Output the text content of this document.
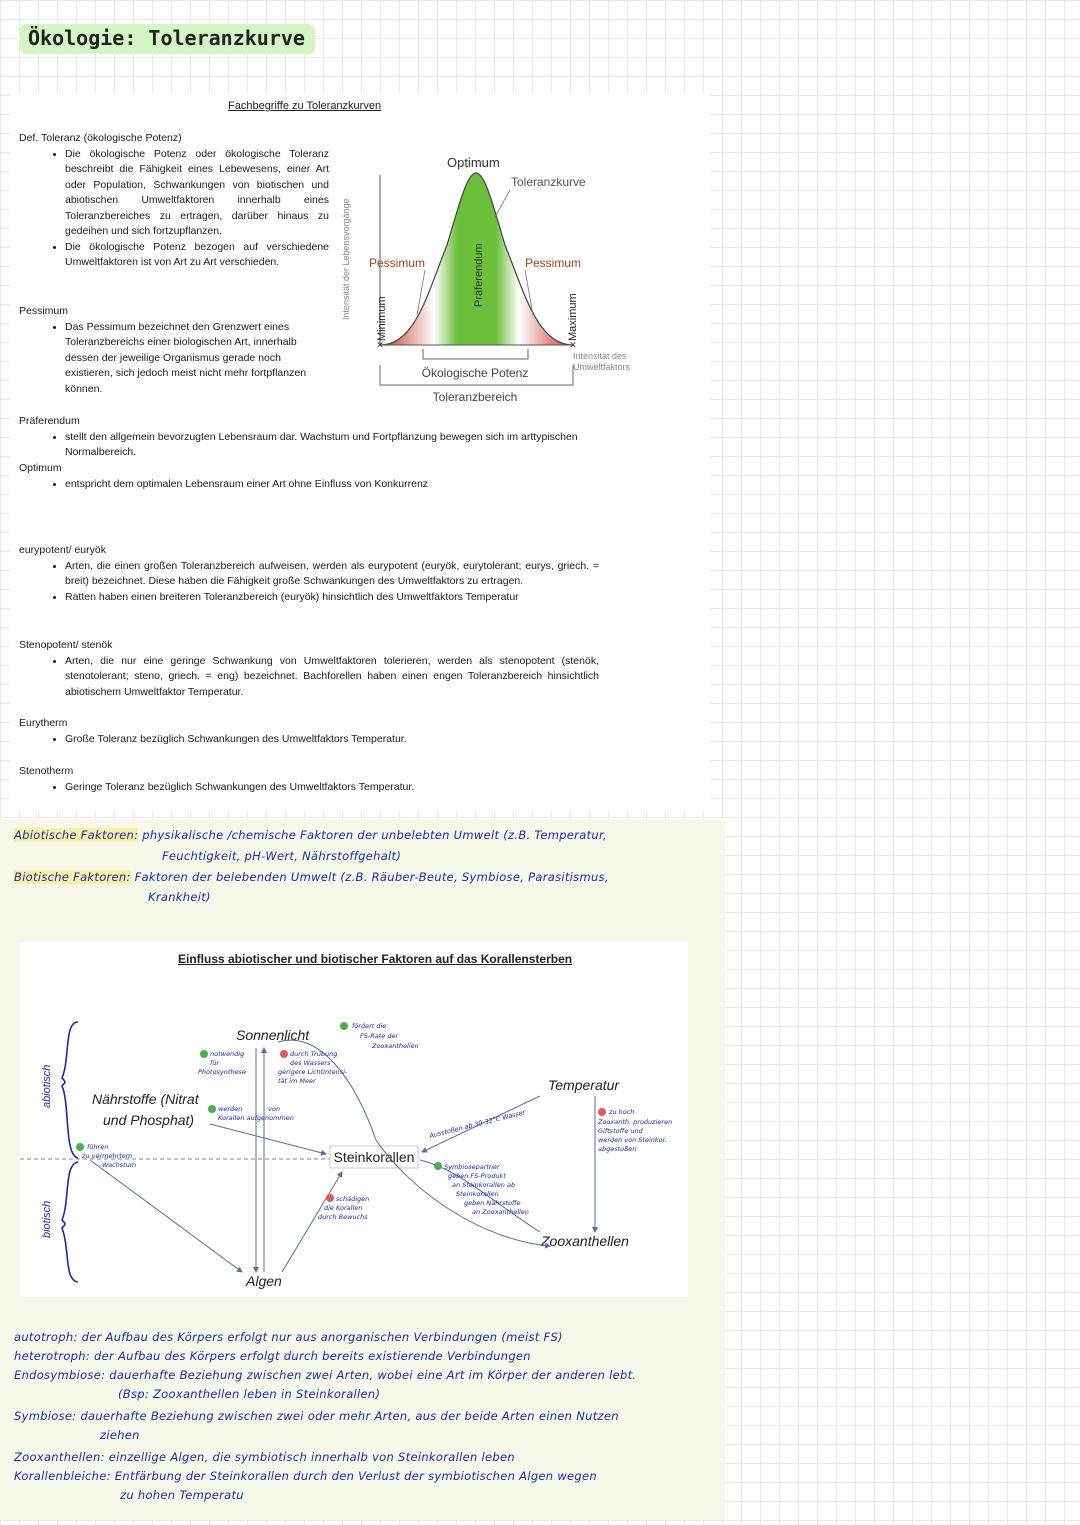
Ökologie: Toleranzkurve
Fachbegriffe zu Toleranzkurven
Def. Toleranz (ökologische Potenz)
• Die ökologische Potenz oder ökologische Toleranz beschreibt die Fähigkeit eines Lebewesens, einer Art oder Population, Schwankungen von biotischen und abiotischen Umweltfaktoren innerhalb eines Toleranzbereiches zu ertragen, darüber hinaus zu gedeihen und sich fortzupflanzen.
• Die ökologische Potenz bezogen auf verschiedene Umweltfaktoren ist von Art zu Art verschieden.
Pessimum
• Das Pessimum bezeichnet den Grenzwert eines Toleranzbereichs einer biologischen Art, innerhalb dessen der jeweilige Organismus gerade noch existieren, sich jedoch meist nicht mehr fortpflanzen können.
Präferendum
• stellt den allgemein bevorzugten Lebensraum dar. Wachstum und Fortpflanzung bewegen sich im arttypischen Normalbereich.
Optimum
• entspricht dem optimalen Lebensraum einer Art ohne Einfluss von Konkurrenz
eurypotent/ euryök
• Arten, die einen großen Toleranzbereich aufweisen, werden als eurypotent (euryök, eurytolerant; eurys, griech. = breit) bezeichnet. Diese haben die Fähigkeit große Schwankungen des Umweltfaktors zu ertragen.
• Ratten haben einen breiteren Toleranzbereich (euryök) hinsichtlich des Umweltfaktors Temperatur
Stenopotent/ stenök
• Arten, die nur eine geringe Schwankung von Umweltfaktoren tolerieren, werden als stenopotent (stenök, stenotolerant; steno, griech. = eng) bezeichnet. Bachforellen haben einen engen Toleranzbereich hinsichtlich abiotischem Umweltfaktor Temperatur.
Eurytherm
• Große Toleranz bezüglich Schwankungen des Umweltfaktors Temperatur.
Stenotherm
• Geringe Toleranz bezüglich Schwankungen des Umweltfaktors Temperatur.
✕	✕
Intensität der Lebensvorgänge
Optimum
Toleranzkurve
Pessimum	Pessimum
Minimum	Maximum
Präferendum
Intensität des
Umweltfaktors
Ökologische Potenz
Toleranzbereich
Abiotische Faktoren: physikalische /chemische Faktoren der unbelebten Umwelt (z.B. Temperatur,
Feuchtigkeit, pH-Wert, Nährstoffgehalt)
Biotische Faktoren: Faktoren der belebenden Umwelt (z.B. Räuber-Beute, Symbiose, Parasitismus,
Krankheit)
Einfluss abiotischer und biotischer Faktoren auf das Korallensterben
abiotisch
biotisch
Sonnenlicht
Nährstoffe (Nitrat
und Phosphat)
Temperatur
Steinkorallen
Zooxanthellen
Algen
fördert die
FS-Rate der
Zooxanthellen
notwendig
für
Photosynthese
durch Trübung
des Wassers
gerigere Lichtintensi-
tät im Meer
werden	von
Korallen aufgenommen
führen
zu vermehrtem
Wachstum
schädigen
die Korallen
durch Bewuchs
Ausstoßen ab 30-32°C Wasser
Symbiosepartner
geben FS-Produkt
an Steinkorallen ab
Steinkorallen
geben Nährstoffe
an Zooxanthellen
zu hoch
Zooxanth. produzieren
Giftstoffe und
werden von Steinkor.
abgestoßen
autotroph: der Aufbau des Körpers erfolgt nur aus anorganischen Verbindungen (meist FS)
heterotroph: der Aufbau des Körpers erfolgt durch bereits existierende Verbindungen
Endosymbiose: dauerhafte Beziehung zwischen zwei Arten, wobei eine Art im Körper der anderen lebt.
(Bsp: Zooxanthellen leben in Steinkorallen)
Symbiose: dauerhafte Beziehung zwischen zwei oder mehr Arten, aus der beide Arten einen Nutzen
ziehen
Zooxanthellen: einzellige Algen, die symbiotisch innerhalb von Steinkorallen leben
Korallenbleiche: Entfärbung der Steinkorallen durch den Verlust der symbiotischen Algen wegen
zu hohen Temperatu
